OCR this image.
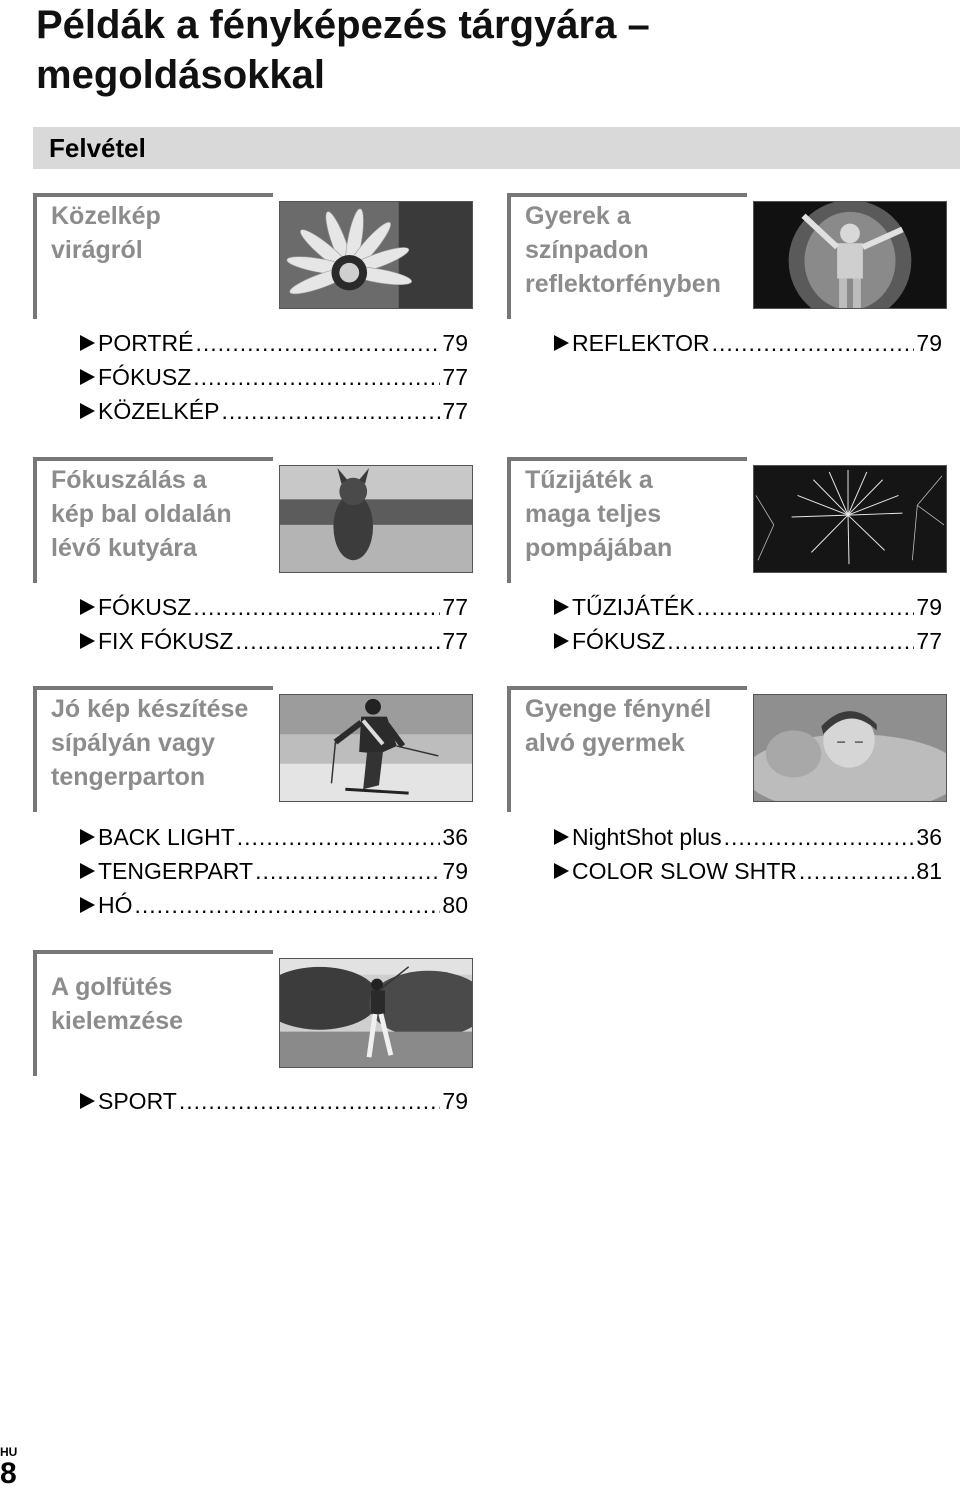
Példák a fényképezés tárgyára – megoldásokkal
Felvétel
Közelkép
virágról
PORTRÉ .....	79
FÓKUSZ .....	77
KÖZELKÉP .....	77
Gyerek a
színpadon
reflektorfényben
REFLEKTOR .....	79
Fókuszálás a
kép bal oldalán
lévő kutyára
FÓKUSZ .....	77
FIX FÓKUSZ .....	77
Tűzijáték a
maga teljes
pompájában
TŰZIJÁTÉK .....	79
FÓKUSZ .....	77
Jó kép készítése
sípályán vagy
tengerparton
BACK LIGHT .....	36
TENGERPART .....	79
HÓ .....	80
Gyenge fénynél
alvó gyermek
NightShot plus .....	36
COLOR SLOW SHTR .....	81
A golfütés
kielemzése
SPORT .....	79
HU
8
